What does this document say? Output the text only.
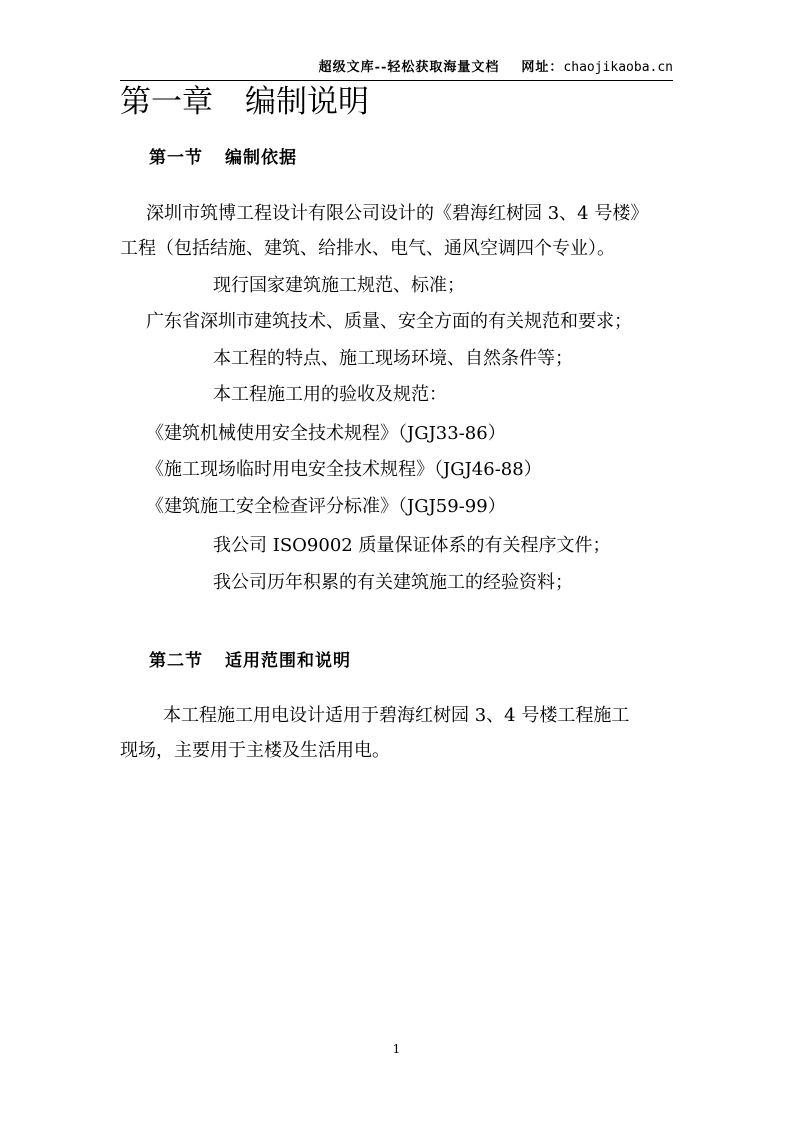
超级文库--轻松获取海量文档 网址：chaojikaoba.cn
第一章 编制说明
第一节 编制依据
深圳市筑博工程设计有限公司设计的《碧海红树园 3、4 号楼》
工程（包括结施、建筑、给排水、电气、通风空调四个专业）。
现行国家建筑施工规范、标准；
广东省深圳市建筑技术、质量、安全方面的有关规范和要求；
本工程的特点、施工现场环境、自然条件等；
本工程施工用的验收及规范：
《建筑机械使用安全技术规程》（JGJ33-86）
《施工现场临时用电安全技术规程》（JGJ46-88）
《建筑施工安全检查评分标准》（JGJ59-99）
我公司 ISO9002 质量保证体系的有关程序文件；
我公司历年积累的有关建筑施工的经验资料；
第二节 适用范围和说明
本工程施工用电设计适用于碧海红树园 3、4 号楼工程施工
现场，主要用于主楼及生活用电。
1
